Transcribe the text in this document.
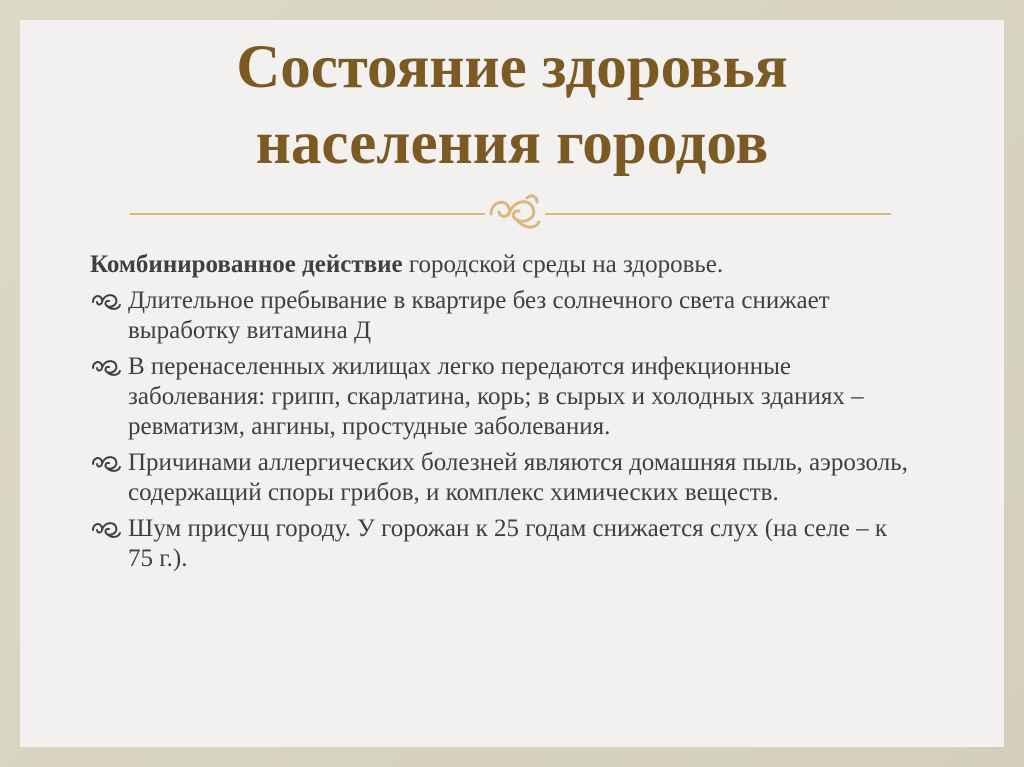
Состояние здоровья
населения городов

Комбинированное действие городской среды на здоровье.

Длительное пребывание в квартире без солнечного света снижает выработку витамина Д
В перенаселенных жилищах легко передаются инфекционные заболевания: грипп, скарлатина, корь; в сырых и холодных зданиях – ревматизм, ангины, простудные заболевания.
Причинами аллергических болезней являются домашняя пыль, аэрозоль, содержащий споры грибов, и комплекс химических веществ.
Шум присущ городу. У горожан к 25 годам снижается слух (на селе – к 75 г.).
